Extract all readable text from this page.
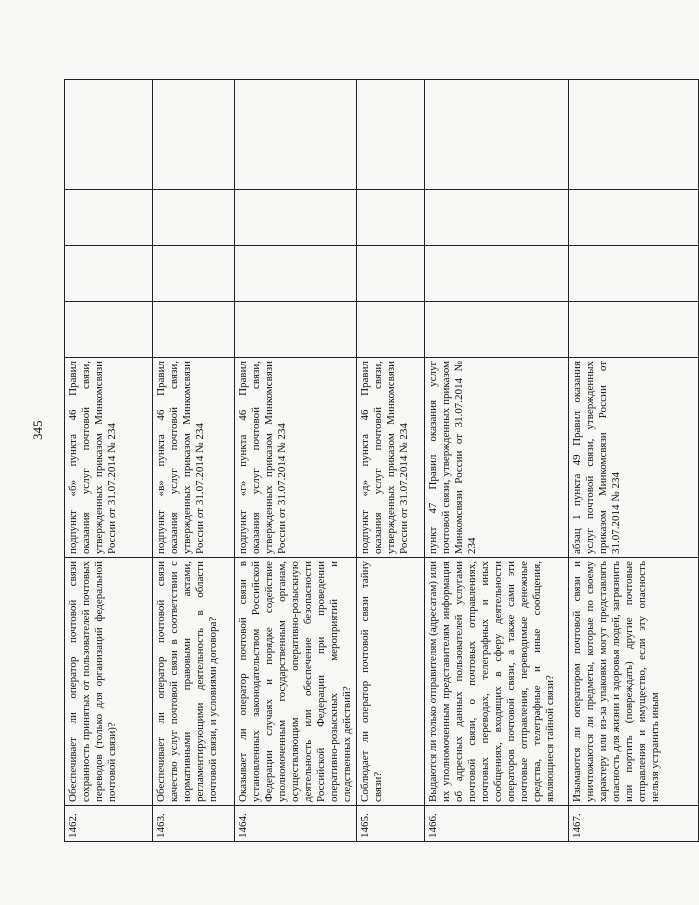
345
1462.	Обеспечивает ли оператор почтовой связи сохранность принятых от пользователей почтовых переводов (только для организаций федеральной почтовой связи)?	подпункт «б» пункта 46 Правил оказания услуг почтовой связи, утвержденных приказом Минкомсвязи России от 31.07.2014 № 234				
1463.	Обеспечивает ли оператор почтовой связи качество услуг почтовой связи в соответствии с нормативными правовыми актами, регламентирующими деятельность в области почтовой связи, и условиями договора?	подпункт «в» пункта 46 Правил оказания услуг почтовой связи, утвержденных приказом Минкомсвязи России от 31.07.2014 № 234				
1464.	Оказывает ли оператор почтовой связи в установленных законодательством Российской Федерации случаях и порядке содействие уполномоченным государственным органам, осуществляющим оперативно-розыскную деятельность или обеспечение безопасности Российской Федерации при проведении оперативно-розыскных мероприятий и следственных действий?	подпункт «г» пункта 46 Правил оказания услуг почтовой связи, утвержденных приказом Минкомсвязи России от 31.07.2014 № 234				
1465.	Соблюдает ли оператор почтовой связи тайну связи?	подпункт «д» пункта 46 Правил оказания услуг почтовой связи, утвержденных приказом Минкомсвязи России от 31.07.2014 № 234				
1466.	Выдаются ли только отправителям (адресатам) или их уполномоченным представителям информация об адресных данных пользователей услугами почтовой связи, о почтовых отправлениях, почтовых переводах, телеграфных и иных сообщениях, входящих в сферу деятельности операторов почтовой связи, а также сами эти почтовые отправления, переводимые денежные средства, телеграфные и иные сообщения, являющиеся тайной связи?	пункт 47 Правил оказания услуг почтовой связи, утвержденных приказом Минкомсвязи России от 31.07.2014 № 234				
1467.	Изымаются ли оператором почтовой связи и уничтожаются ли предметы, которые по своему характеру или из-за упаковки могут представлять опасность для жизни и здоровья людей, загрязнить или портить (повреждать) другие почтовые отправления и имущество, если эту опасность нельзя устранить иным	абзац 1 пункта 49 Правил оказания услуг почтовой связи, утвержденных приказом Минкомсвязи России от 31.07.2014 № 234				
